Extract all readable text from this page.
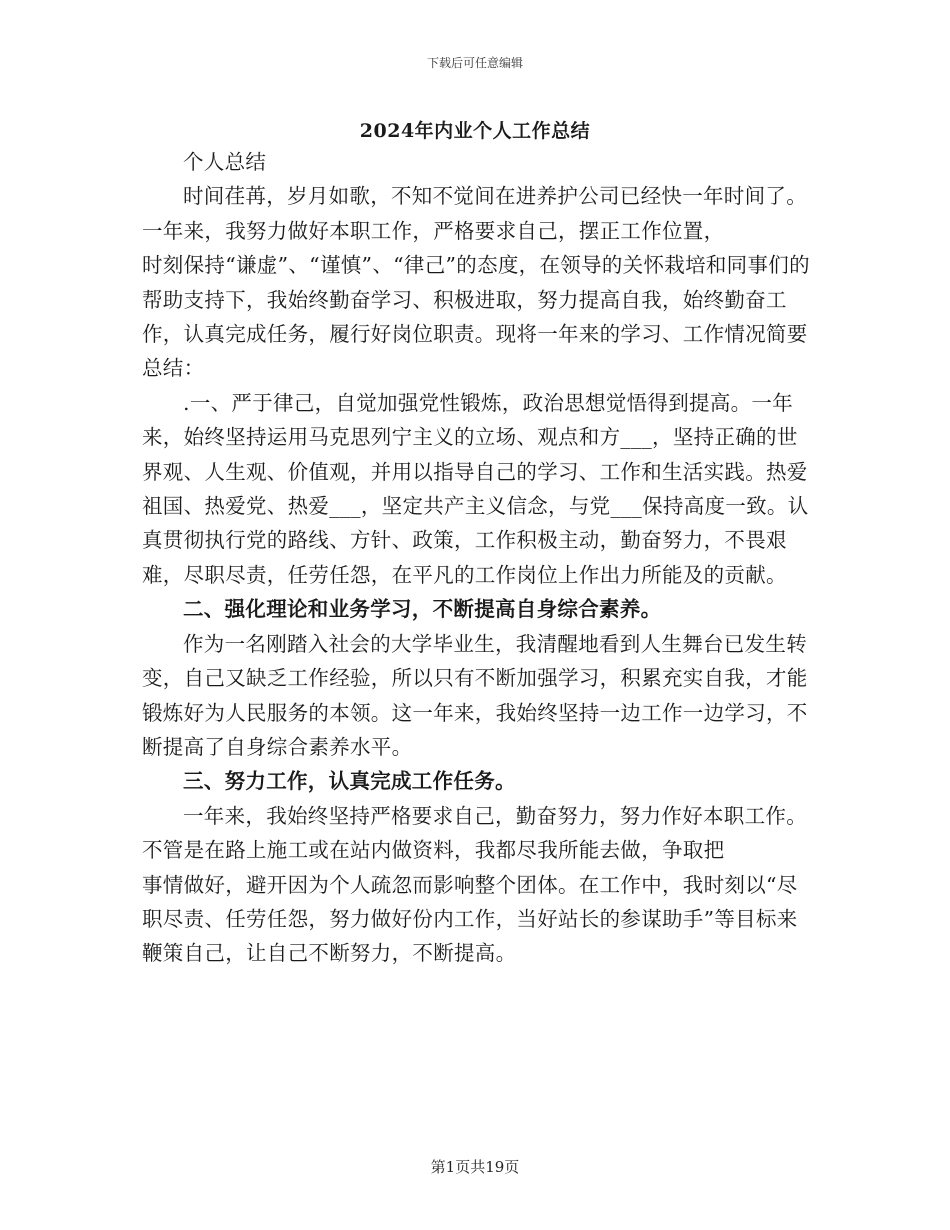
下载后可任意编辑
2024年内业个人工作总结

个人总结

时间荏苒，岁月如歌，不知不觉间在进养护公司已经快一年时间了。一年来，我努力做好本职工作，严格要求自己，摆正工作位置，

时刻保持“谦虚”、“谨慎”、“律己”的态度，在领导的关怀栽培和同事们的帮助支持下，我始终勤奋学习、积极进取，努力提高自我，始终勤奋工作，认真完成任务，履行好岗位职责。现将一年来的学习、工作情况简要总结：

.一、严于律己，自觉加强党性锻炼，政治思想觉悟得到提高。一年来，始终坚持运用马克思列宁主义的立场、观点和方___，坚持正确的世界观、人生观、价值观，并用以指导自己的学习、工作和生活实践。热爱祖国、热爱党、热爱___，坚定共产主义信念，与党___保持高度一致。认真贯彻执行党的路线、方针、政策，工作积极主动，勤奋努力，不畏艰难，尽职尽责，任劳任怨，在平凡的工作岗位上作出力所能及的贡献。

二、强化理论和业务学习，不断提高自身综合素养。

作为一名刚踏入社会的大学毕业生，我清醒地看到人生舞台已发生转变，自己又缺乏工作经验，所以只有不断加强学习，积累充实自我，才能锻炼好为人民服务的本领。这一年来，我始终坚持一边工作一边学习，不断提高了自身综合素养水平。

三、努力工作，认真完成工作任务。

一年来，我始终坚持严格要求自己，勤奋努力，努力作好本职工作。不管是在路上施工或在站内做资料，我都尽我所能去做，争取把

事情做好，避开因为个人疏忽而影响整个团体。在工作中，我时刻以“尽职尽责、任劳任怨，努力做好份内工作，当好站长的参谋助手”等目标来鞭策自己，让自己不断努力，不断提高。

第1页共19页
